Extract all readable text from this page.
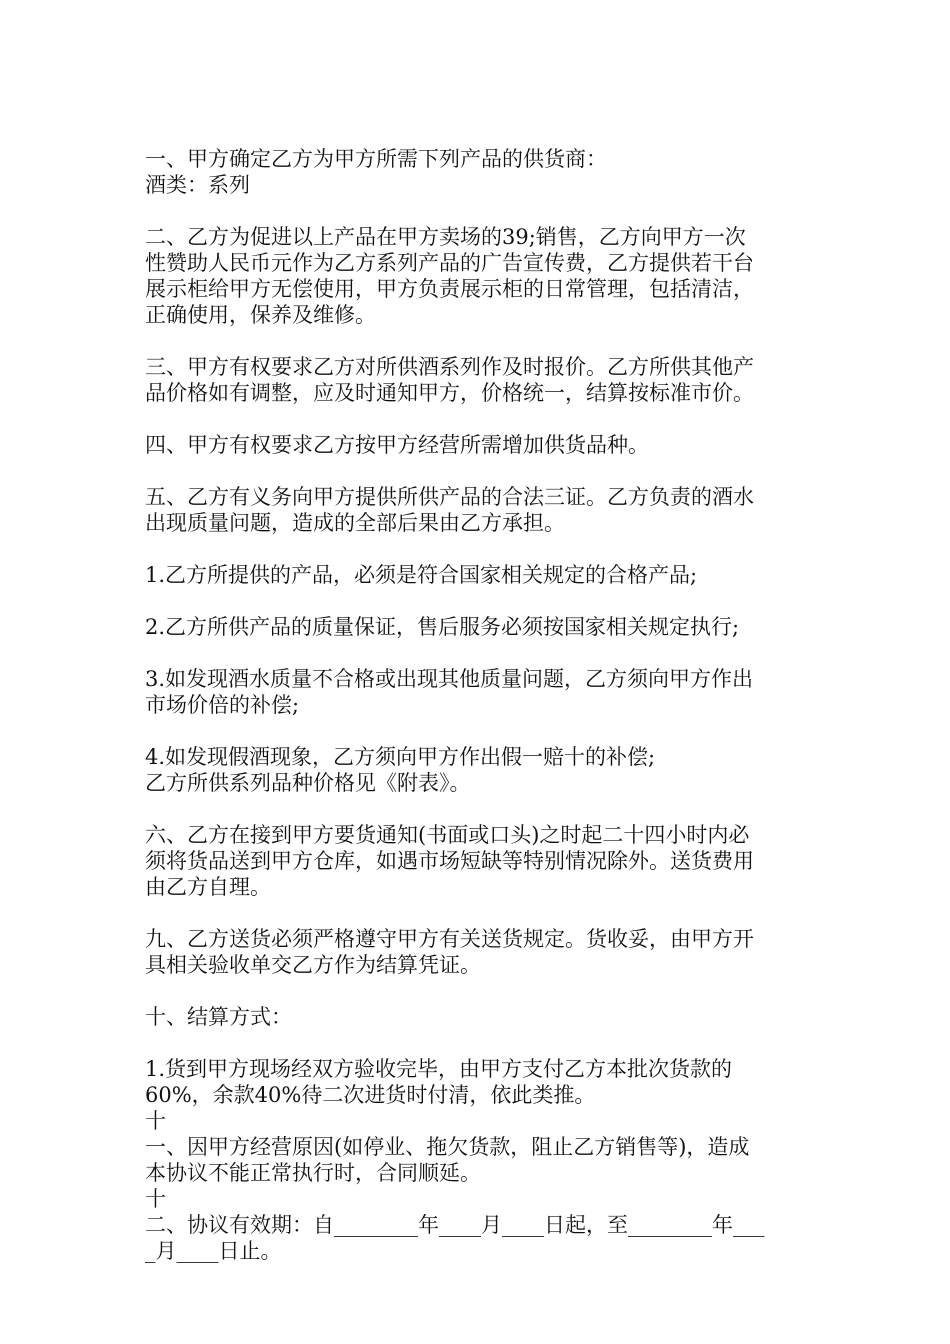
一、甲方确定乙方为甲方所需下列产品的供货商：
酒类：系列
二、乙方为促进以上产品在甲方卖场的39;销售，乙方向甲方一次
性赞助人民币元作为乙方系列产品的广告宣传费，乙方提供若干台
展示柜给甲方无偿使用，甲方负责展示柜的日常管理，包括清洁，
正确使用，保养及维修。
三、甲方有权要求乙方对所供酒系列作及时报价。乙方所供其他产
品价格如有调整，应及时通知甲方，价格统一，结算按标准市价。
四、甲方有权要求乙方按甲方经营所需增加供货品种。
五、乙方有义务向甲方提供所供产品的合法三证。乙方负责的酒水
出现质量问题，造成的全部后果由乙方承担。
1.乙方所提供的产品，必须是符合国家相关规定的合格产品;
2.乙方所供产品的质量保证，售后服务必须按国家相关规定执行;
3.如发现酒水质量不合格或出现其他质量问题，乙方须向甲方作出
市场价倍的补偿;
4.如发现假酒现象，乙方须向甲方作出假一赔十的补偿;
乙方所供系列品种价格见《附表》。
六、乙方在接到甲方要货通知(书面或口头)之时起二十四小时内必
须将货品送到甲方仓库，如遇市场短缺等特别情况除外。送货费用
由乙方自理。
九、乙方送货必须严格遵守甲方有关送货规定。货收妥，由甲方开
具相关验收单交乙方作为结算凭证。
十、结算方式：
1.货到甲方现场经双方验收完毕，由甲方支付乙方本批次货款的
60%，余款40%待二次进货时付清，依此类推。
十
一、因甲方经营原因(如停业、拖欠货款，阻止乙方销售等)，造成
本协议不能正常执行时，合同顺延。
十
二、协议有效期：自________年____月____日起，至________年___
_月____日止。
